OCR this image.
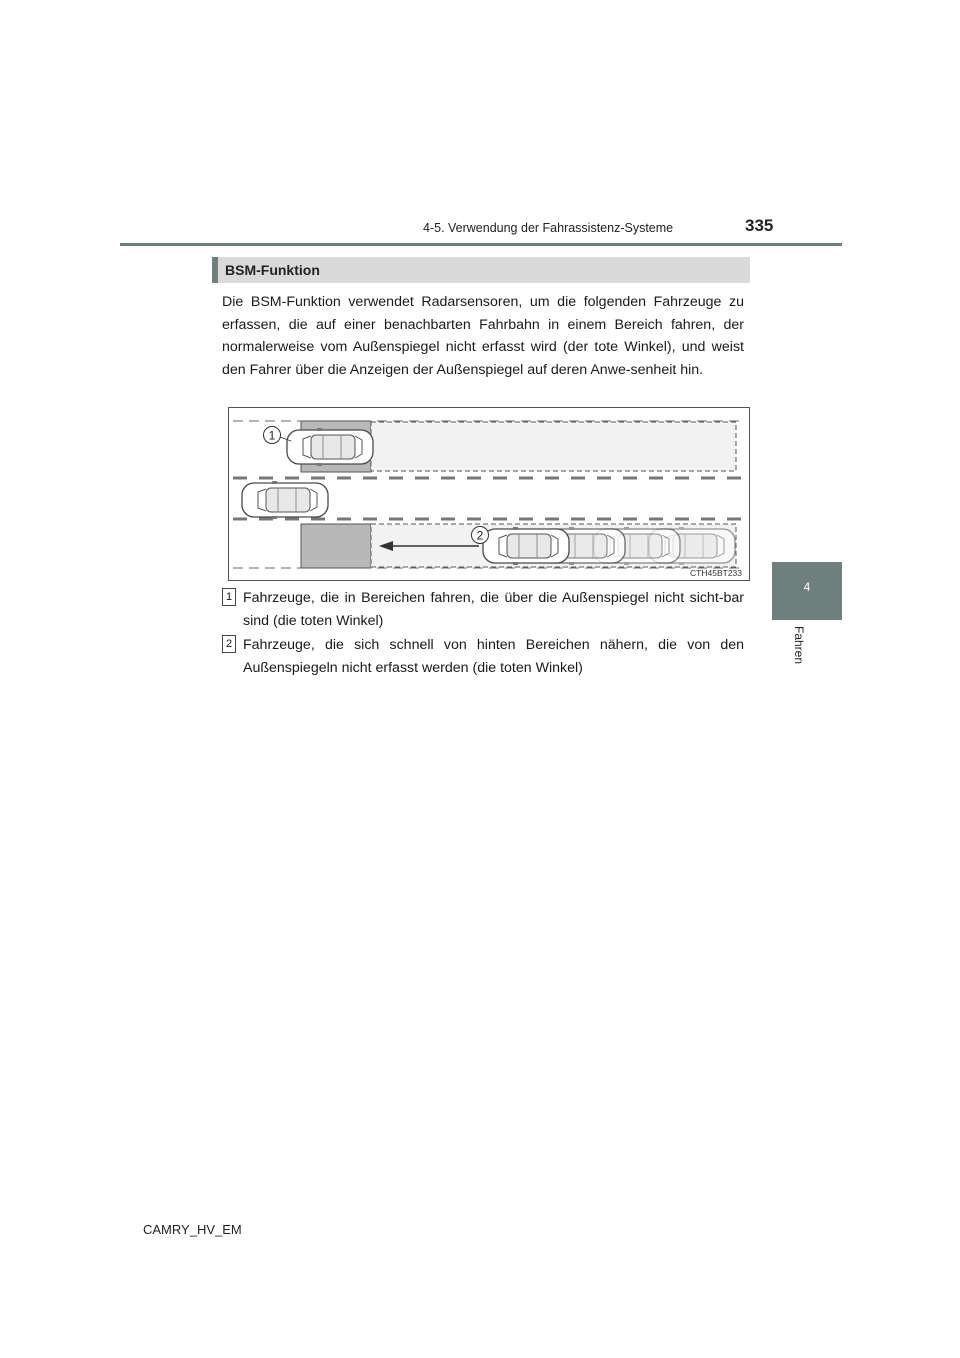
4-5. Verwendung der Fahrassistenz-Systeme	335
4
Fahren
BSM-Funktion
Die BSM-Funktion verwendet Radarsensoren, um die folgenden Fahrzeuge zu erfassen, die auf einer benachbarten Fahrbahn in einem Bereich fahren, der normalerweise vom Außenspiegel nicht erfasst wird (der tote Winkel), und weist den Fahrer über die Anzeigen der Außenspiegel auf deren Anwe-senheit hin.
1
2
CTH45BT233
1 Fahrzeuge, die in Bereichen fahren, die über die Außenspiegel nicht sicht-bar sind (die toten Winkel)
2 Fahrzeuge, die sich schnell von hinten Bereichen nähern, die von den Außenspiegeln nicht erfasst werden (die toten Winkel)
CAMRY_HV_EM
